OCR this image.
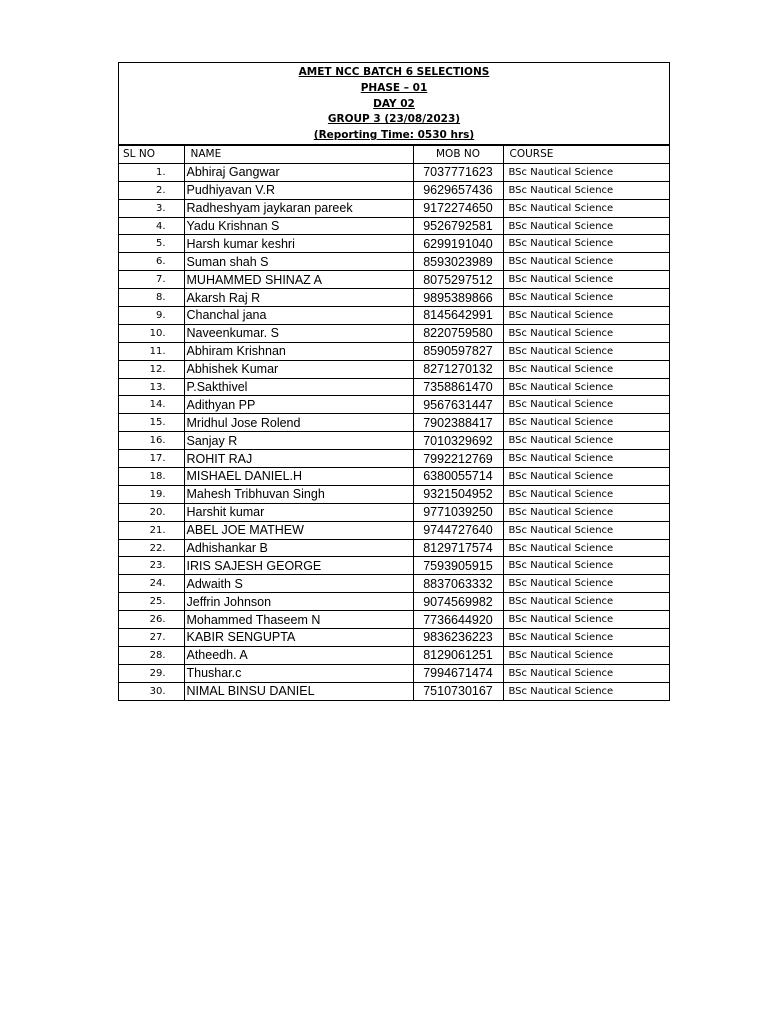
AMET NCC BATCH 6 SELECTIONS
PHASE – 01
DAY 02
GROUP 3 (23/08/2023)
(Reporting Time: 0530 hrs)
SL NO	NAME	MOB NO	COURSE
1.	Abhiraj Gangwar	7037771623	BSc Nautical Science
2.	Pudhiyavan V.R	9629657436	BSc Nautical Science
3.	Radheshyam jaykaran pareek	9172274650	BSc Nautical Science
4.	Yadu Krishnan S	9526792581	BSc Nautical Science
5.	Harsh kumar keshri	6299191040	BSc Nautical Science
6.	Suman shah S	8593023989	BSc Nautical Science
7.	MUHAMMED SHINAZ A	8075297512	BSc Nautical Science
8.	Akarsh Raj R	9895389866	BSc Nautical Science
9.	Chanchal jana	8145642991	BSc Nautical Science
10.	Naveenkumar. S	8220759580	BSc Nautical Science
11.	Abhiram Krishnan	8590597827	BSc Nautical Science
12.	Abhishek Kumar	8271270132	BSc Nautical Science
13.	P.Sakthivel	7358861470	BSc Nautical Science
14.	Adithyan PP	9567631447	BSc Nautical Science
15.	Mridhul Jose Rolend	7902388417	BSc Nautical Science
16.	Sanjay R	7010329692	BSc Nautical Science
17.	ROHIT RAJ	7992212769	BSc Nautical Science
18.	MISHAEL DANIEL.H	6380055714	BSc Nautical Science
19.	Mahesh Tribhuvan Singh	9321504952	BSc Nautical Science
20.	Harshit kumar	9771039250	BSc Nautical Science
21.	ABEL JOE MATHEW	9744727640	BSc Nautical Science
22.	Adhishankar B	8129717574	BSc Nautical Science
23.	IRIS SAJESH GEORGE	7593905915	BSc Nautical Science
24.	Adwaith S	8837063332	BSc Nautical Science
25.	Jeffrin Johnson	9074569982	BSc Nautical Science
26.	Mohammed Thaseem N	7736644920	BSc Nautical Science
27.	KABIR SENGUPTA	9836236223	BSc Nautical Science
28.	Atheedh. A	8129061251	BSc Nautical Science
29.	Thushar.c	7994671474	BSc Nautical Science
30.	NIMAL BINSU DANIEL	7510730167	BSc Nautical Science
